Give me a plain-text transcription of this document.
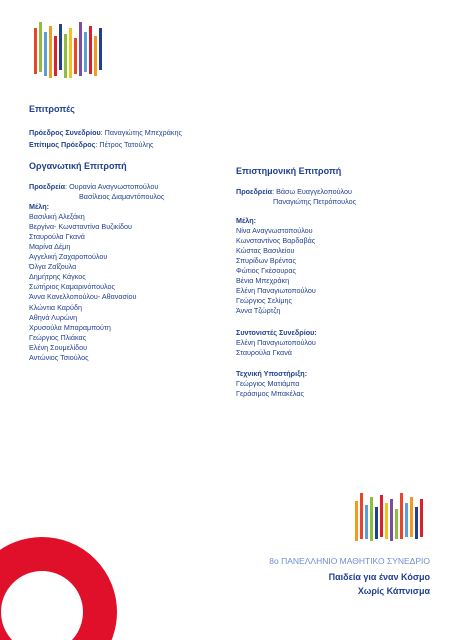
Επιτροπές
Πρόεδρος Συνεδρίου: Παναγιώτης Μπεχράκης
Επίτιμος Πρόεδρος: Πέτρος Τατούλης
Οργανωτική Επιτροπή
Προεδρεία: Ουρανία Αναγνωστοπούλου
Βασίλειος Διαμαντόπουλος
Μέλη:
Βασιλική Αλεξάκη
Βεργίνα- Κωνσταντίνα Βυζικίδου
Σταυρούλα Γκανά
Μαρίνα Δέμη
Αγγελική Ζαχαροπούλου
Όλγα Ζαΐζουλα
Δημήτρης Κάγκος
Σωτήριος Καμαρινόπουλος
Άννα Κανελλοπούλου- Αθανασίου
Κλώντια Καρύδη
Αθηνά Λυρώνη
Χρυσούλα Μπαραμπούτη
Γεώργιος Πλιάκας
Ελένη Σουμελίδου
Αντώνιος Τσιούλος
Επιστημονική Επιτροπή
Προεδρεία: Βάσω Ευαγγελοπούλου
Παναγιώτης Πετρόπουλος
Μέλη:
Νίνα Αναγνωστοπούλου
Κωνσταντίνος Βαρδαβάς
Κώστας Βασιλείου
Σπυρίδων Βρέντας
Φώτιος Γκέσουρας
Βένια Μπεχράκη
Ελένη Παναγιωτοπούλου
Γεώργιος Σελίμης
Άννα Τζώρτζη
Συντονιστές Συνεδρίου:
Ελένη Παναγιωτοπούλου
Σταυρούλα Γκανά
Τεχνική Υποστήριξη:
Γεώργιος Ματιάμπα
Γεράσιμος Μπακέλας
8ο ΠΑΝΕΛΛΗΝΙΟ ΜΑΘΗΤΙΚΟ ΣΥΝΕΔΡΙΟ
Παιδεία για έναν Κόσμο
Χωρίς Κάπνισμα
